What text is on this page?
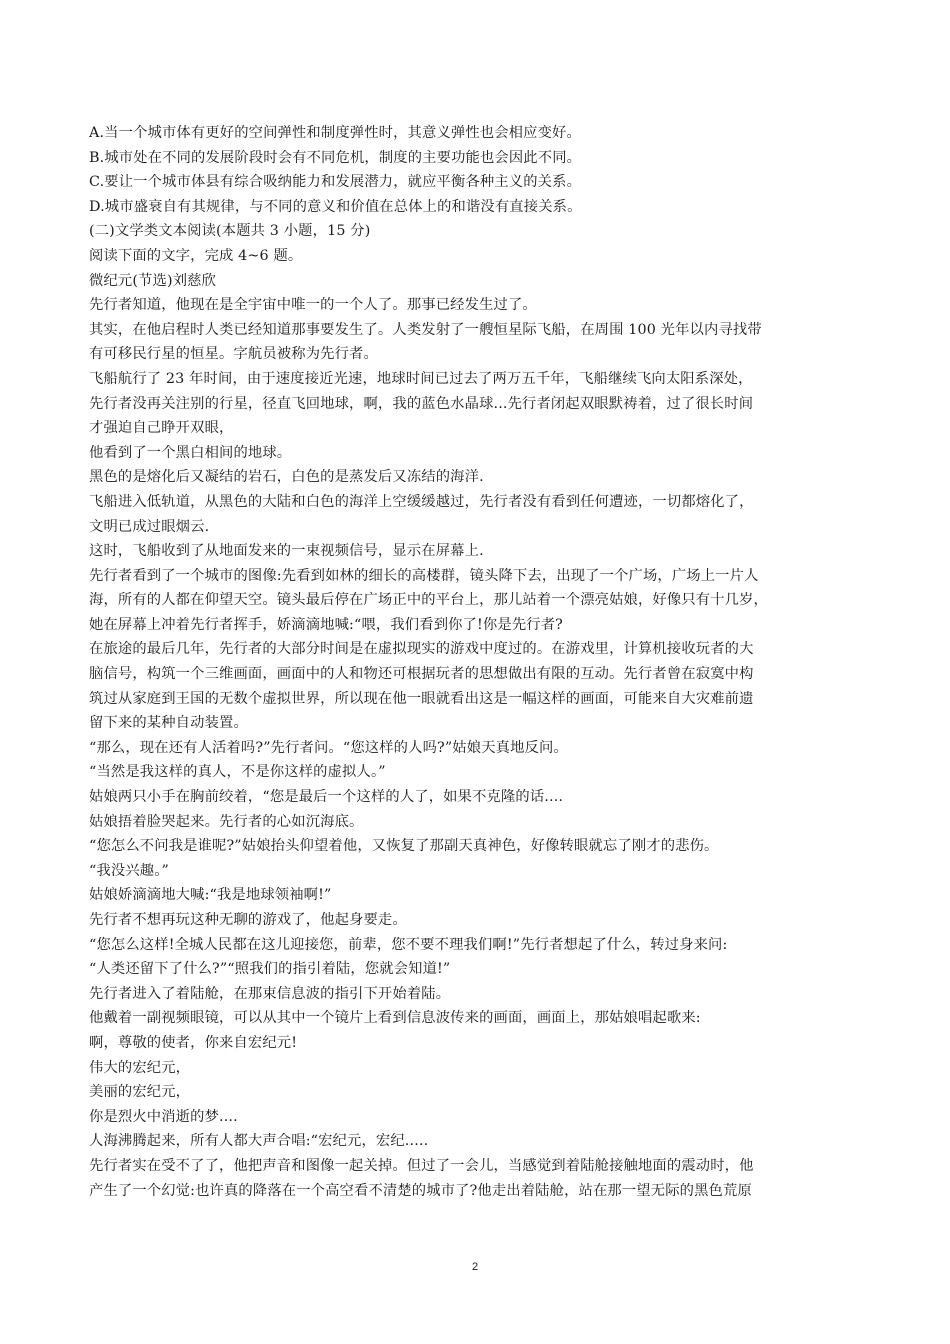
A.当一个城市体有更好的空间弹性和制度弹性时，其意义弹性也会相应变好。
B.城市处在不同的发展阶段时会有不同危机，制度的主要功能也会因此不同。
C.要让一个城市体县有综合吸纳能力和发展潜力，就应平衡各种主义的关系。
D.城市盛衰自有其规律，与不同的意义和价值在总体上的和谐没有直接关系。
(二)文学类文本阅读(本题共 3 小题，15 分)
阅读下面的文字，完成 4~6 题。
微纪元(节选)刘慈欣
先行者知道，他现在是全宇宙中唯一的一个人了。那事已经发生过了。
其实，在他启程时人类已经知道那事要发生了。人类发射了一艘恒星际飞船，在周围 100 光年以内寻找带
有可移民行星的恒星。字航员被称为先行者。
飞船航行了 23 年时间，由于速度接近光速，地球时间已过去了两万五千年，飞船继续飞向太阳系深处，
先行者没再关注别的行星，径直飞回地球，啊，我的蓝色水晶球...先行者闭起双眼默祷着，过了很长时间
才强迫自己睁开双眼，
他看到了一个黑白相间的地球。
黑色的是熔化后又凝结的岩石，白色的是蒸发后又冻结的海洋.
飞船进入低轨道，从黑色的大陆和白色的海洋上空缓缓越过，先行者没有看到任何遭迹，一切都熔化了，
文明已成过眼烟云.
这时，飞船收到了从地面发来的一束视频信号，显示在屏幕上.
先行者看到了一个城市的图像:先看到如林的细长的高楼群，镜头降下去，出现了一个广场，广场上一片人
海，所有的人都在仰望天空。镜头最后停在广场正中的平台上，那儿站着一个漂亮姑娘，好像只有十几岁，
她在屏幕上冲着先行者挥手，娇滴滴地喊:“喂，我们看到你了!你是先行者?
在旅途的最后几年，先行者的大部分时间是在虚拟现实的游戏中度过的。在游戏里，计算机接收玩者的大
脑信号，构筑一个三维画面，画面中的人和物还可根据玩者的思想做出有限的互动。先行者曾在寂寞中构
筑过从家庭到王国的无数个虚拟世界，所以现在他一眼就看出这是一幅这样的画面，可能来自大灾难前遗
留下来的某种自动装置。
“那么，现在还有人活着吗?”先行者问。“您这样的人吗?”姑娘天真地反问。
“当然是我这样的真人，不是你这样的虚拟人。”
姑娘两只小手在胸前绞着，“您是最后一个这样的人了，如果不克隆的话....
姑娘捂着脸哭起来。先行者的心如沉海底。
“您怎么不问我是谁呢?”姑娘抬头仰望着他，又恢复了那副天真神色，好像转眼就忘了刚才的悲伤。
“我没兴趣。”
姑娘娇滴滴地大喊:“我是地球领袖啊!”
先行者不想再玩这种无聊的游戏了，他起身要走。
“您怎么这样!全城人民都在这儿迎接您，前辈，您不要不理我们啊!”先行者想起了什么，转过身来问:
“人类还留下了什么?”“照我们的指引着陆，您就会知道!”
先行者进入了着陆舱，在那束信息波的指引下开始着陆。
他戴着一副视频眼镜，可以从其中一个镜片上看到信息波传来的画面，画面上，那姑娘唱起歌来:
啊，尊敬的使者，你来自宏纪元!
伟大的宏纪元，
美丽的宏纪元，
你是烈火中消逝的梦....
人海沸腾起来，所有人都大声合唱:“宏纪元，宏纪.....
先行者实在受不了了，他把声音和图像一起关掉。但过了一会儿，当感觉到着陆舱接触地面的震动时，他
产生了一个幻觉:也许真的降落在一个高空看不清楚的城市了?他走出着陆舱，站在那一望无际的黑色荒原
2
